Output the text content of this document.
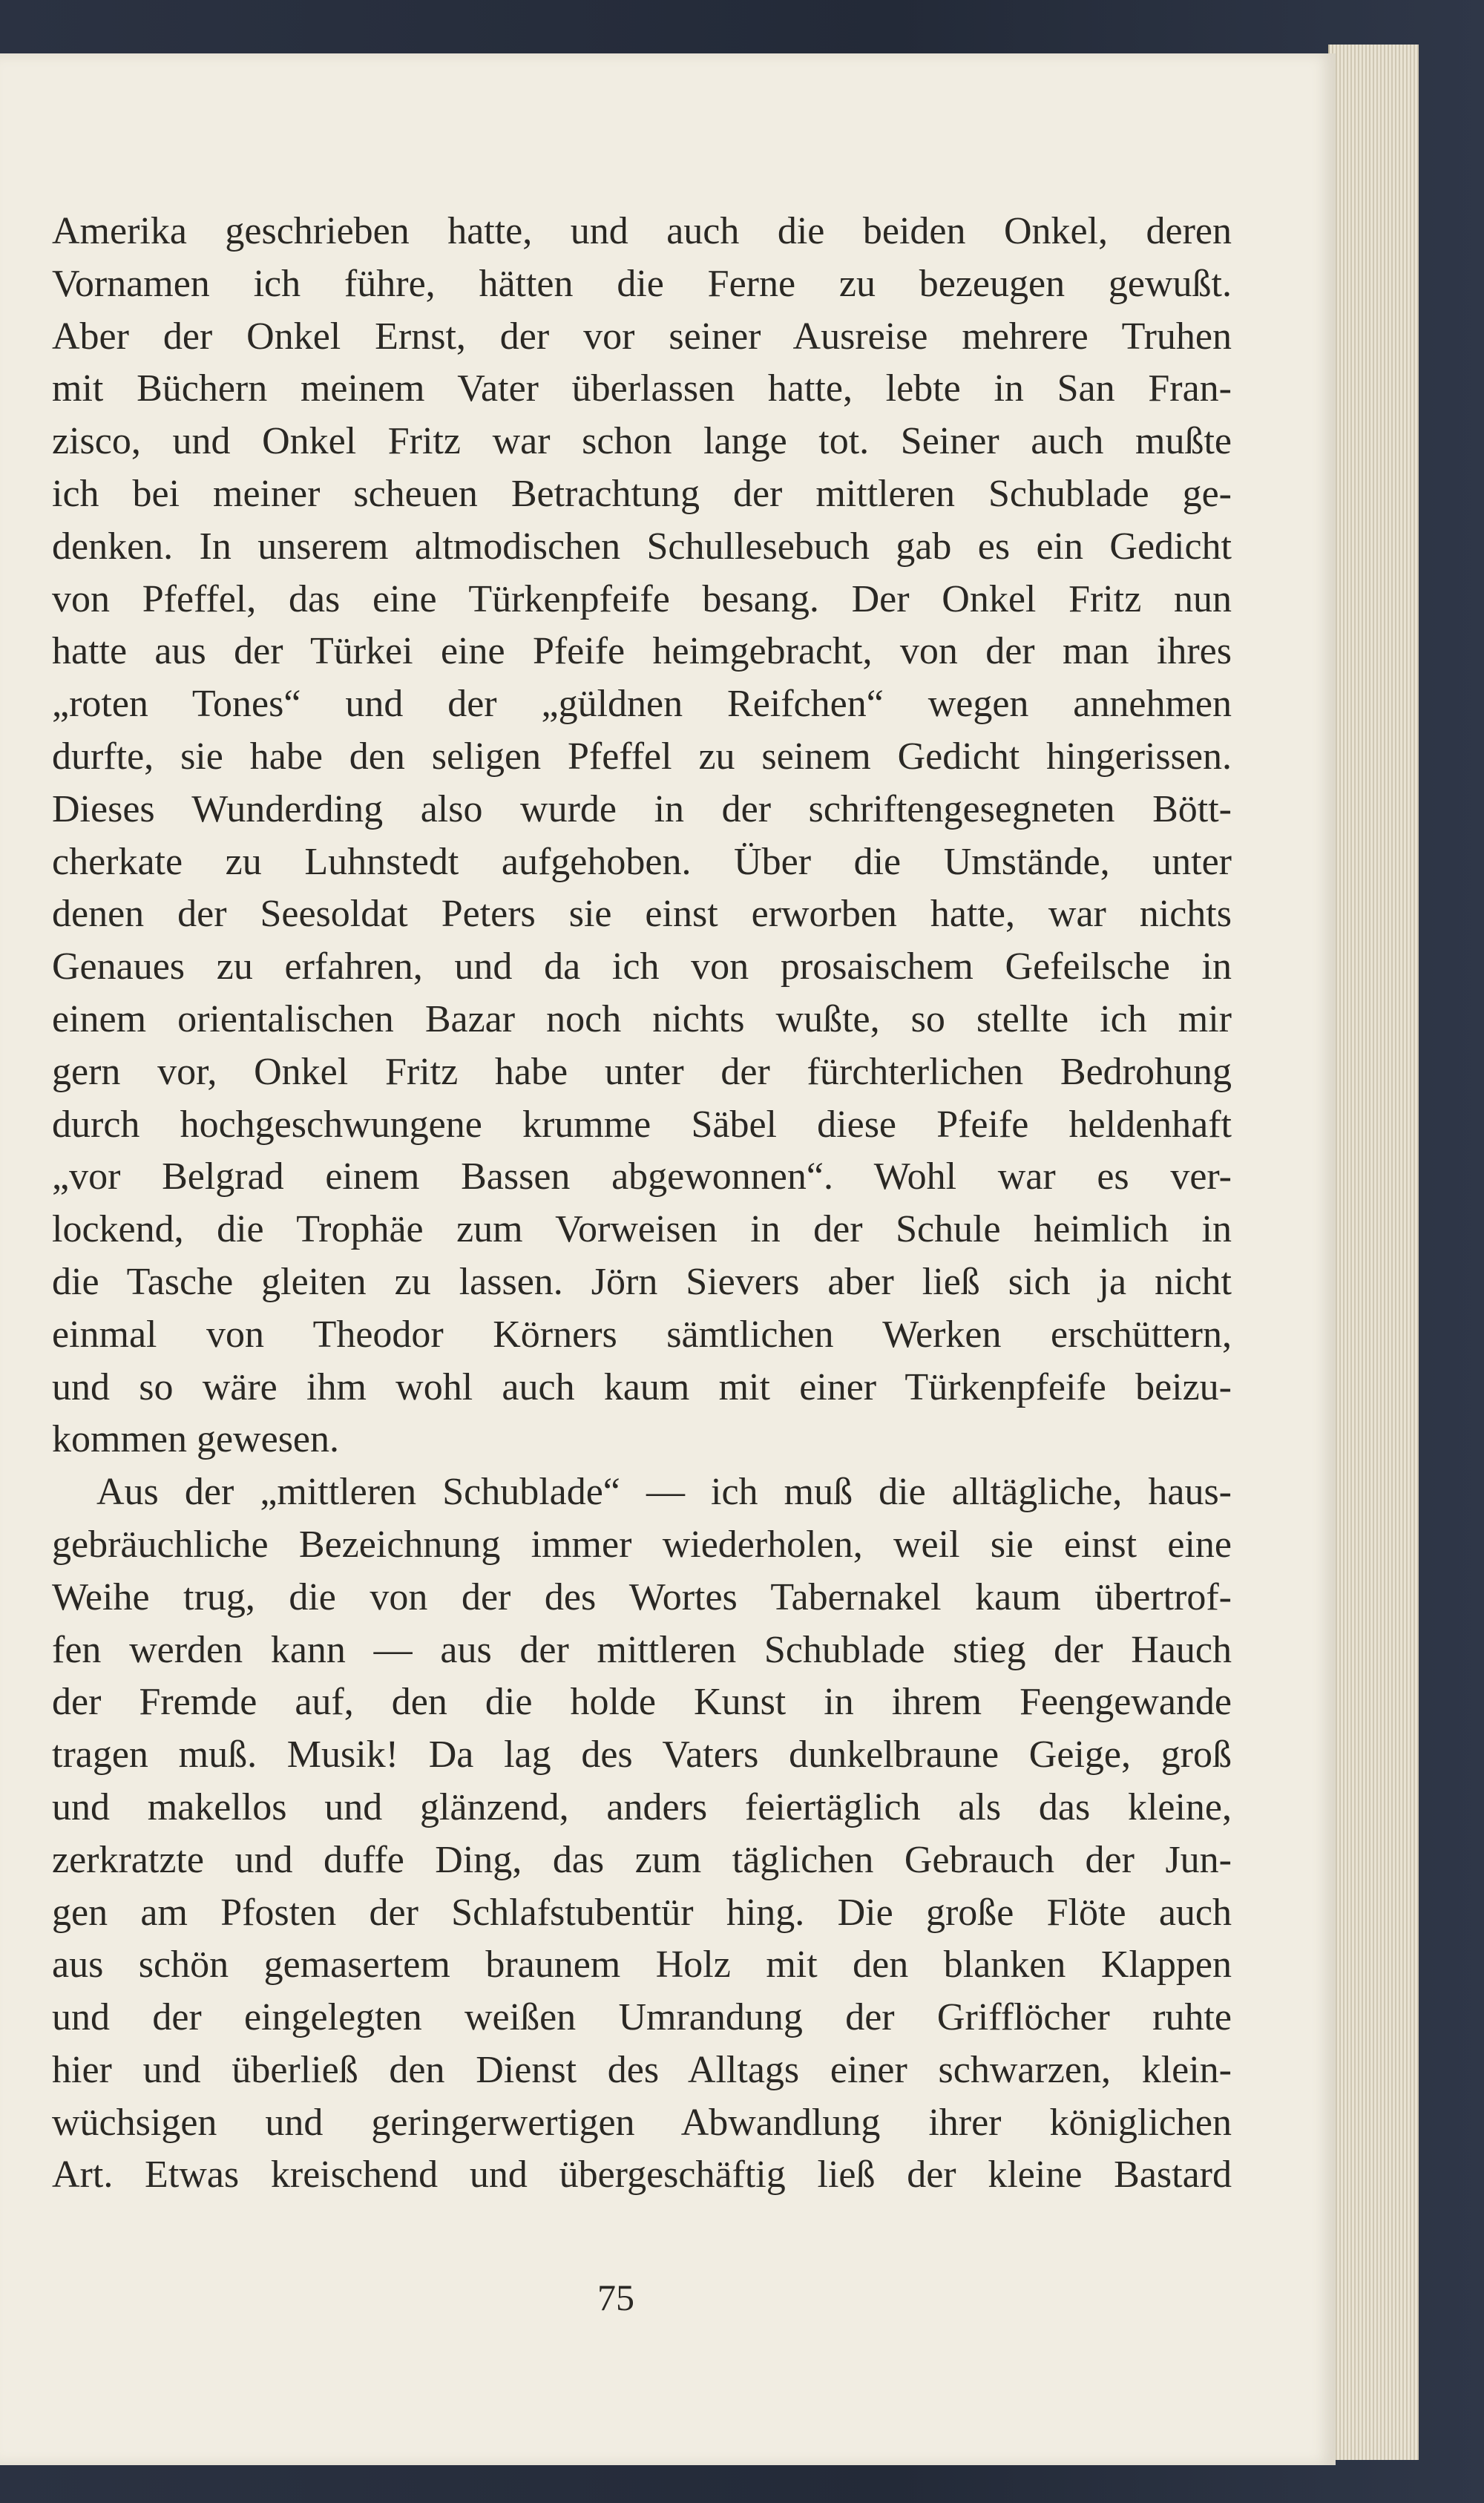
Amerika geschrieben hatte, und auch die beiden Onkel, deren
Vornamen ich führe, hätten die Ferne zu bezeugen gewußt.
Aber der Onkel Ernst, der vor seiner Ausreise mehrere Truhen
mit Büchern meinem Vater überlassen hatte, lebte in San Fran-
zisco, und Onkel Fritz war schon lange tot. Seiner auch mußte
ich bei meiner scheuen Betrachtung der mittleren Schublade ge-
denken. In unserem altmodischen Schullesebuch gab es ein Gedicht
von Pfeffel, das eine Türkenpfeife besang. Der Onkel Fritz nun
hatte aus der Türkei eine Pfeife heimgebracht, von der man ihres
„roten Tones“ und der „güldnen Reifchen“ wegen annehmen
durfte, sie habe den seligen Pfeffel zu seinem Gedicht hingerissen.
Dieses Wunderding also wurde in der schriftengesegneten Bött-
cherkate zu Luhnstedt aufgehoben. Über die Umstände, unter
denen der Seesoldat Peters sie einst erworben hatte, war nichts
Genaues zu erfahren, und da ich von prosaischem Gefeilsche in
einem orientalischen Bazar noch nichts wußte, so stellte ich mir
gern vor, Onkel Fritz habe unter der fürchterlichen Bedrohung
durch hochgeschwungene krumme Säbel diese Pfeife heldenhaft
„vor Belgrad einem Bassen abgewonnen“. Wohl war es ver-
lockend, die Trophäe zum Vorweisen in der Schule heimlich in
die Tasche gleiten zu lassen. Jörn Sievers aber ließ sich ja nicht
einmal von Theodor Körners sämtlichen Werken erschüttern,
und so wäre ihm wohl auch kaum mit einer Türkenpfeife beizu-
kommen gewesen.
Aus der „mittleren Schublade“ — ich muß die alltägliche, haus-
gebräuchliche Bezeichnung immer wiederholen, weil sie einst eine
Weihe trug, die von der des Wortes Tabernakel kaum übertrof-
fen werden kann — aus der mittleren Schublade stieg der Hauch
der Fremde auf, den die holde Kunst in ihrem Feengewande
tragen muß. Musik! Da lag des Vaters dunkelbraune Geige, groß
und makellos und glänzend, anders feiertäglich als das kleine,
zerkratzte und duffe Ding, das zum täglichen Gebrauch der Jun-
gen am Pfosten der Schlafstubentür hing. Die große Flöte auch
aus schön gemasertem braunem Holz mit den blanken Klappen
und der eingelegten weißen Umrandung der Grifflöcher ruhte
hier und überließ den Dienst des Alltags einer schwarzen, klein-
wüchsigen und geringerwertigen Abwandlung ihrer königlichen
Art. Etwas kreischend und übergeschäftig ließ der kleine Bastard
75
